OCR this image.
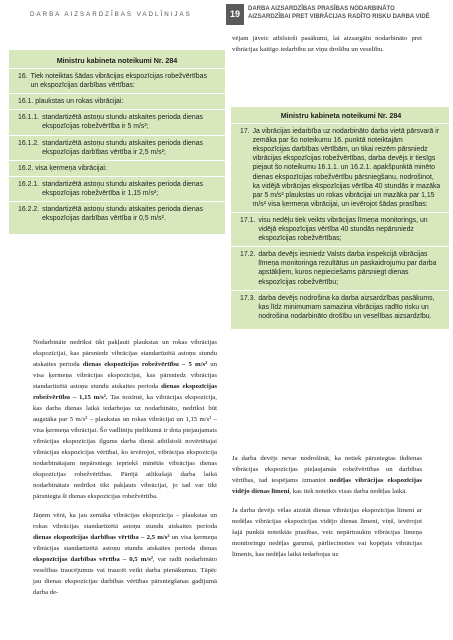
DARBA AIZSARDZĪBAS VADLĪNIJAS	19	DARBA AIZSARDZĪBAS PRASĪBAS NODARBINĀTO
AIZSARDZĪBAI PRET VIBRĀCIJAS RADĪTO RISKU DARBA VIDĒ
Ministru kabineta noteikumi Nr. 284
16. Tiek noteiktas šādas vibrācijas ekspozīcijas robežvērtības un ekspozīcijas darbības vērtības:
16.1. plaukstas un rokas vibrācijai:
16.1.1. standartizētā astoņu stundu atskaites perioda dienas ekspozīcijas robežvērtība ir 5 m/s²;
16.1.2. standartizētā astoņu stundu atskaites perioda dienas ekspozīcijas darbības vērtība ir 2,5 m/s²;
16.2. visa ķermeņa vibrācijai:
16.2.1. standartizētā astoņu stundu atskaites perioda dienas ekspozīcijas robežvērtība ir 1,15 m/s²;
16.2.2. standartizētā astoņu stundu atskaites perioda dienas ekspozīcijas darbības vērtība ir 0,5 m/s².

Nodarbināte nedrīkst tikt pakļauti plaukstas un rokas vibrācijas ekspozīcijai, kas pārsniedz vibrācijas standartizētā astoņu stundu atskaites perioda dienas ekspozīcijas robežvērtību – 5 m/s² un visa ķermeņa vibrācijas ekspozīcijai, kas pārsniedz vibrācijas standartizētā astoņu stundu atskaites perioda dienas ekspozīcijas robežvērtību – 1,15 m/s². Tas nozīmē, ka vibrācijas ekspozīcija, kas darba dienas laikā iedarbojas uz nodarbināto, nedrīkst būt augstāka par 5 m/s² – plaukstas un rokas vibrācijai un 1,15 m/s² – visa ķermeņa vibrācijai. Šo vadlīniju pielikumā ir dota piejaujamais vibrācijas ekspozīcijas ilgums darba dienā atbilstoši novērtētajai vibrācijas ekspozīcijas vērtībai, ko ievērojot, vibrācijas ekspozīcija nodarbinātajam nepārsniegs iepriekš minētās vibrācijas dienas ekspozīcijas robežvērtības. Pārējā atlikušajā darba laikā nodarbinātais nedrīkst tikt pakļauts vibrācijai, jo tad var tikt pārsniegta šī dienas ekspozīcijas robežvērtība.

Jāņem vērā, ka jau zemāka vibrācijas ekspozīcija – plaukstas un rokas vibrācijas standartizētā astoņu stundu atskaites perioda dienas ekspozīcijas darbības vērtība – 2,5 m/s² un visa ķermeņa vibrācijas standartizētā astoņu stundu atskaites perioda dienas ekspozīcijas darbības vērtība – 0,5 m/s², var radīt nodarbināto veselības traucējumus vai traucēt veikt darba pienākumus. Tāpēc jau dienas ekspozīcijas darbības vērtības pārsniegšanas gadījumā darba de-

vējam jāveic atbilstoši pasākumi, lai aizsargātu nodarbināto pret vibrācijas kaitīgo iedarbību uz viņu drošību un veselību.

Ministru kabineta noteikumi Nr. 284
17. Ja vibrācijas iedarbība uz nodarbināto darba vietā pārsvarā ir zemāka par šo noteikumu 16. punktā noteiktajām ekspozīcijas darbības vērtībām, un tikai reizēm pārsniedz vibrācijas ekspozīcijas robežvērtības, darba devējs ir tiesīgs piejaut šo noteikumu 16.1.1. un 16.2.1. apakšpunktā minēto dienas ekspozīcijas robežvērtību pārsniegšanu, nodrošinot, ka vidējā vibrācijas ekspozīcijas vērtība 40 stundās ir mazāka par 5 m/s² plaukstas un rokas vibrācijai un mazāka par 1,15 m/s² visa ķermeņa vibrācijai, un ievērojot šādas prasības:
17.1. visu nedēļu tiek veikts vibrācijas līmeņa monitorings, un vidējā ekspozīcijas vērtība 40 stundās nepārsniedz ekspozīcijas robežvērtības;
17.2. darba devējs iesniedz Valsts darba inspekcijā vibrācijas līmeņa monitoringa rezultātus un paskaidrojumu par darba apstākļiem, kuros nepieciešams pārsniegt dienas ekspozīcijas robežvērtību;
17.3. darba devējs nodrošina ka darba aizsardzības pasākums, kas līdz minimumam samazina vibrācijas radīto risku un nodrošina nodarbināto drošību un veselības aizsardzību.

Ja darba devējs nevar nodrošināt, ka netiek pārsniegtas ikdienas vibrācijas ekspozīcijas pieļaujamās robežvērtības un darbības vērtības, tad iespējams izmantot nedēļas vibrācijas ekspozīcijas vidējo dienas līmeni, kas tiek noteikts visas darba nedēļas laikā.

Ja darba devējs vēlas aizstāt dienas vibrācijas ekspozīcijas līmeni ar nedēļas vibrācijas ekspozīcijas vidējo dienas līmeni, viņš, ievērojot šajā punktā noteiktās prasības, veic nepārtrauktu vibrācijas līmeņa monitoringu nedēļas garumā, pārliecinoties vai kopējais vibrācijas līmenis, kas nedēļas laikā iedarbojas uz
